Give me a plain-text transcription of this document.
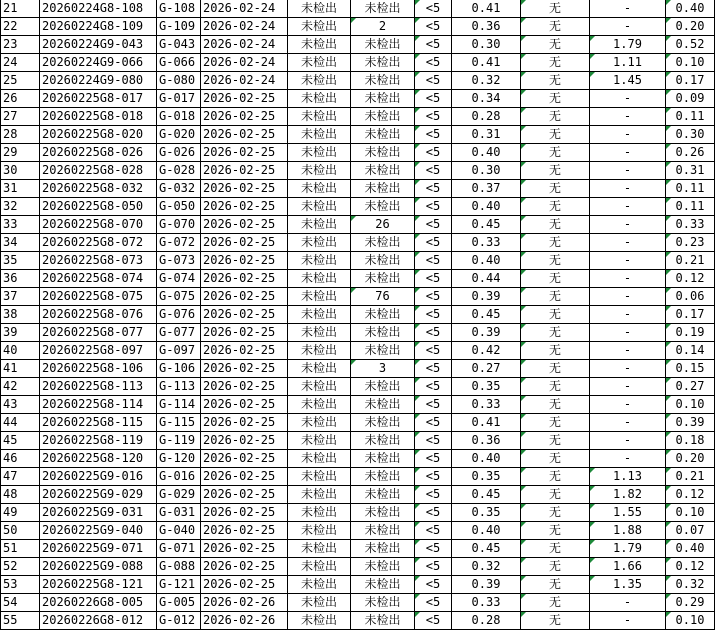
21	20260224G8-108	G-108	2026-02-24	未检出	未检出	<5	0.41	无	-	0.40
22	20260224G8-109	G-109	2026-02-24	未检出	2	<5	0.36	无	-	0.20
23	20260224G9-043	G-043	2026-02-24	未检出	未检出	<5	0.30	无	1.79	0.52
24	20260224G9-066	G-066	2026-02-24	未检出	未检出	<5	0.41	无	1.11	0.10
25	20260224G9-080	G-080	2026-02-24	未检出	未检出	<5	0.32	无	1.45	0.17
26	20260225G8-017	G-017	2026-02-25	未检出	未检出	<5	0.34	无	-	0.09
27	20260225G8-018	G-018	2026-02-25	未检出	未检出	<5	0.28	无	-	0.11
28	20260225G8-020	G-020	2026-02-25	未检出	未检出	<5	0.31	无	-	0.30
29	20260225G8-026	G-026	2026-02-25	未检出	未检出	<5	0.40	无	-	0.26
30	20260225G8-028	G-028	2026-02-25	未检出	未检出	<5	0.30	无	-	0.31
31	20260225G8-032	G-032	2026-02-25	未检出	未检出	<5	0.37	无	-	0.11
32	20260225G8-050	G-050	2026-02-25	未检出	未检出	<5	0.40	无	-	0.11
33	20260225G8-070	G-070	2026-02-25	未检出	26	<5	0.45	无	-	0.33
34	20260225G8-072	G-072	2026-02-25	未检出	未检出	<5	0.33	无	-	0.23
35	20260225G8-073	G-073	2026-02-25	未检出	未检出	<5	0.40	无	-	0.21
36	20260225G8-074	G-074	2026-02-25	未检出	未检出	<5	0.44	无	-	0.12
37	20260225G8-075	G-075	2026-02-25	未检出	76	<5	0.39	无	-	0.06
38	20260225G8-076	G-076	2026-02-25	未检出	未检出	<5	0.45	无	-	0.17
39	20260225G8-077	G-077	2026-02-25	未检出	未检出	<5	0.39	无	-	0.19
40	20260225G8-097	G-097	2026-02-25	未检出	未检出	<5	0.42	无	-	0.14
41	20260225G8-106	G-106	2026-02-25	未检出	3	<5	0.27	无	-	0.15
42	20260225G8-113	G-113	2026-02-25	未检出	未检出	<5	0.35	无	-	0.27
43	20260225G8-114	G-114	2026-02-25	未检出	未检出	<5	0.33	无	-	0.10
44	20260225G8-115	G-115	2026-02-25	未检出	未检出	<5	0.41	无	-	0.39
45	20260225G8-119	G-119	2026-02-25	未检出	未检出	<5	0.36	无	-	0.18
46	20260225G8-120	G-120	2026-02-25	未检出	未检出	<5	0.40	无	-	0.20
47	20260225G9-016	G-016	2026-02-25	未检出	未检出	<5	0.35	无	1.13	0.21
48	20260225G9-029	G-029	2026-02-25	未检出	未检出	<5	0.45	无	1.82	0.12
49	20260225G9-031	G-031	2026-02-25	未检出	未检出	<5	0.35	无	1.55	0.10
50	20260225G9-040	G-040	2026-02-25	未检出	未检出	<5	0.40	无	1.88	0.07
51	20260225G9-071	G-071	2026-02-25	未检出	未检出	<5	0.45	无	1.79	0.40
52	20260225G9-088	G-088	2026-02-25	未检出	未检出	<5	0.32	无	1.66	0.12
53	20260225G8-121	G-121	2026-02-25	未检出	未检出	<5	0.39	无	1.35	0.32
54	20260226G8-005	G-005	2026-02-26	未检出	未检出	<5	0.33	无	-	0.29
55	20260226G8-012	G-012	2026-02-26	未检出	未检出	<5	0.28	无	-	0.10
